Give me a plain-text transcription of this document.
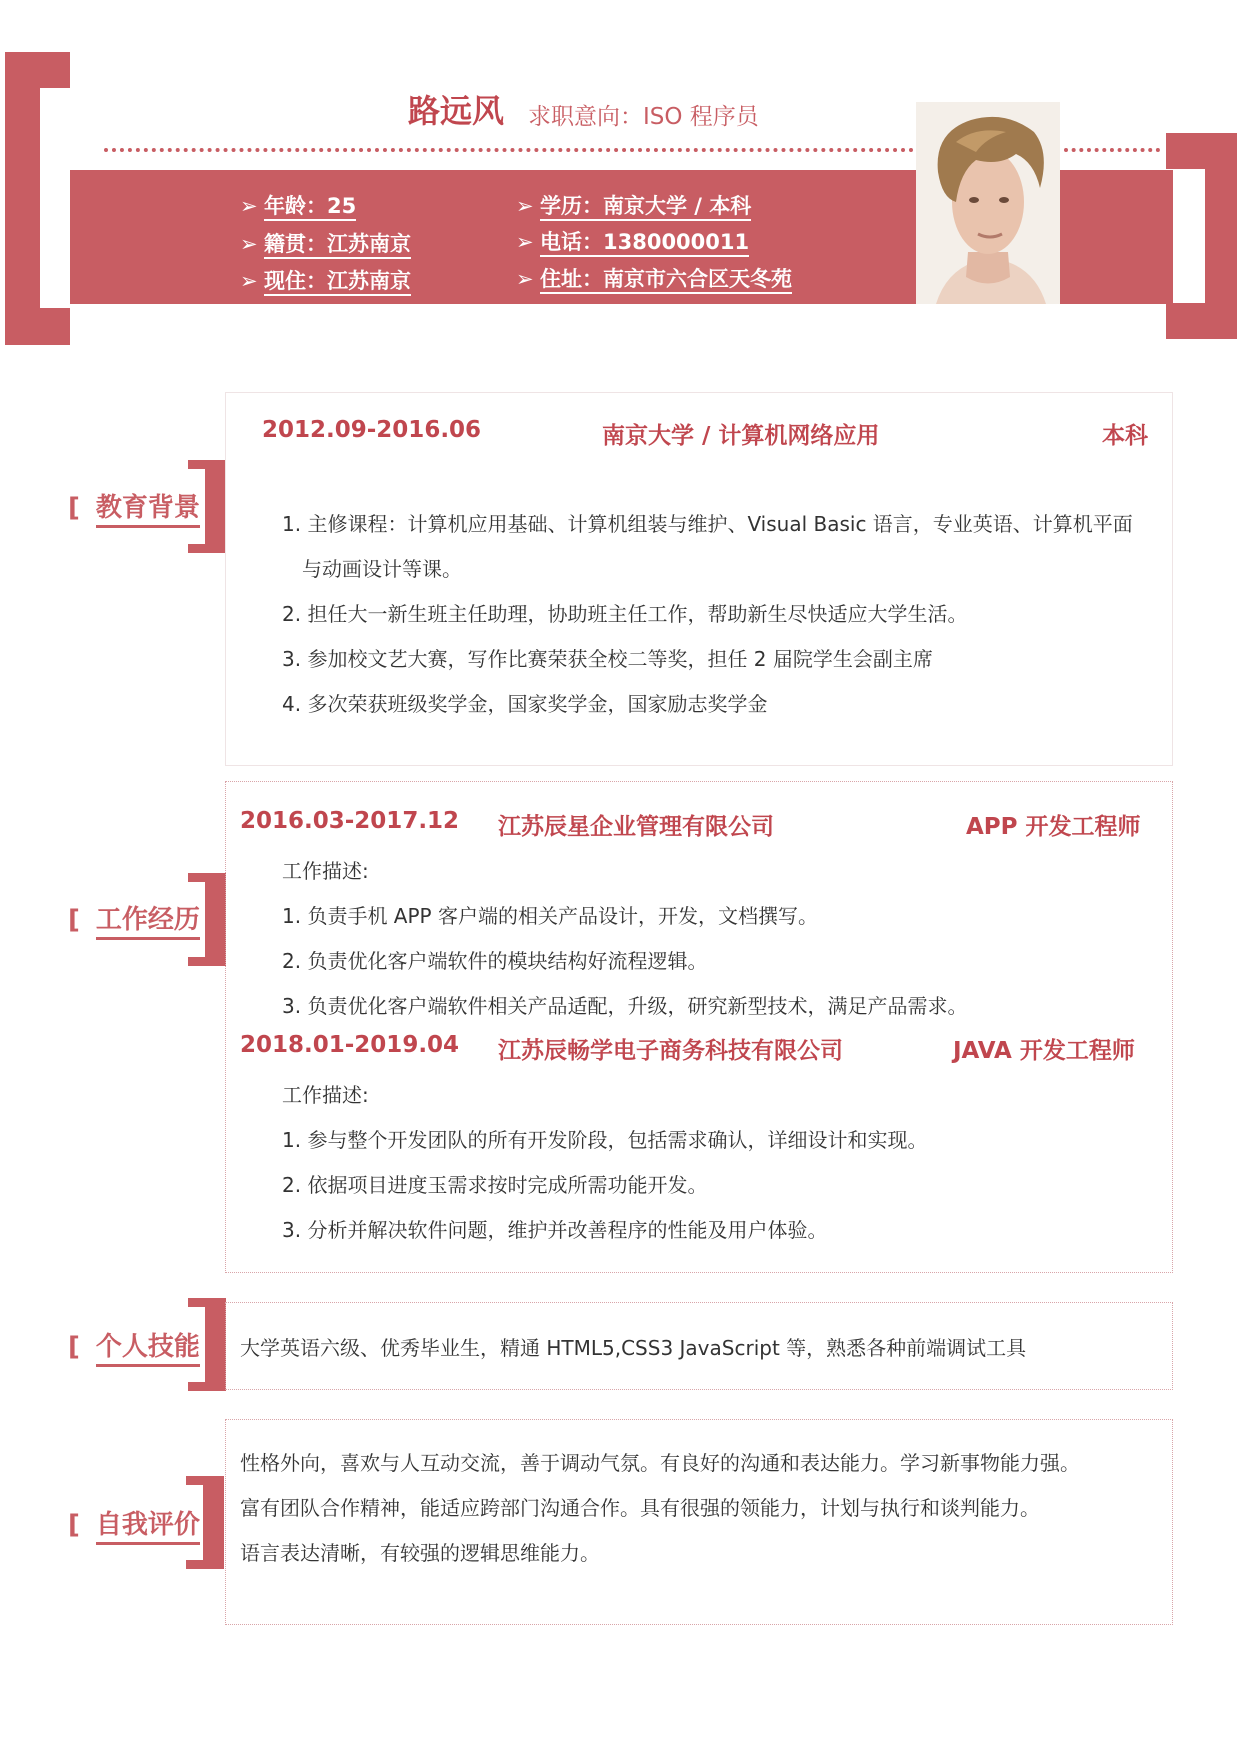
路远风 求职意向：ISO 程序员
➢ 年龄：25
➢ 籍贯：江苏南京
➢ 现住：江苏南京
➢ 学历：南京大学 / 本科
➢ 电话：1380000011
➢ 住址：南京市六合区天冬苑
[ 教育背景
2012.09-2016.06	南京大学 / 计算机网络应用	本科
1. 主修课程：计算机应用基础、计算机组装与维护、Visual Basic 语言，专业英语、计算机平面
与动画设计等课。
2. 担任大一新生班主任助理，协助班主任工作，帮助新生尽快适应大学生活。
3. 参加校文艺大赛，写作比赛荣获全校二等奖，担任 2 届院学生会副主席
4. 多次荣获班级奖学金，国家奖学金，国家励志奖学金
[ 工作经历
2016.03-2017.12 江苏辰星企业管理有限公司	APP 开发工程师
工作描述:
1. 负责手机 APP 客户端的相关产品设计，开发，文档撰写。
2. 负责优化客户端软件的模块结构好流程逻辑。
3. 负责优化客户端软件相关产品适配，升级，研究新型技术，满足产品需求。
2018.01-2019.04 江苏辰畅学电子商务科技有限公司	JAVA 开发工程师
工作描述:
1. 参与整个开发团队的所有开发阶段，包括需求确认，详细设计和实现。
2. 依据项目进度玉需求按时完成所需功能开发。
3. 分析并解决软件问题，维护并改善程序的性能及用户体验。
[ 个人技能 大学英语六级、优秀毕业生，精通 HTML5,CSS3 JavaScript 等，熟悉各种前端调试工具
[ 自我评价
性格外向，喜欢与人互动交流，善于调动气氛。有良好的沟通和表达能力。学习新事物能力强。
富有团队合作精神，能适应跨部门沟通合作。具有很强的领能力，计划与执行和谈判能力。
语言表达清晰，有较强的逻辑思维能力。
